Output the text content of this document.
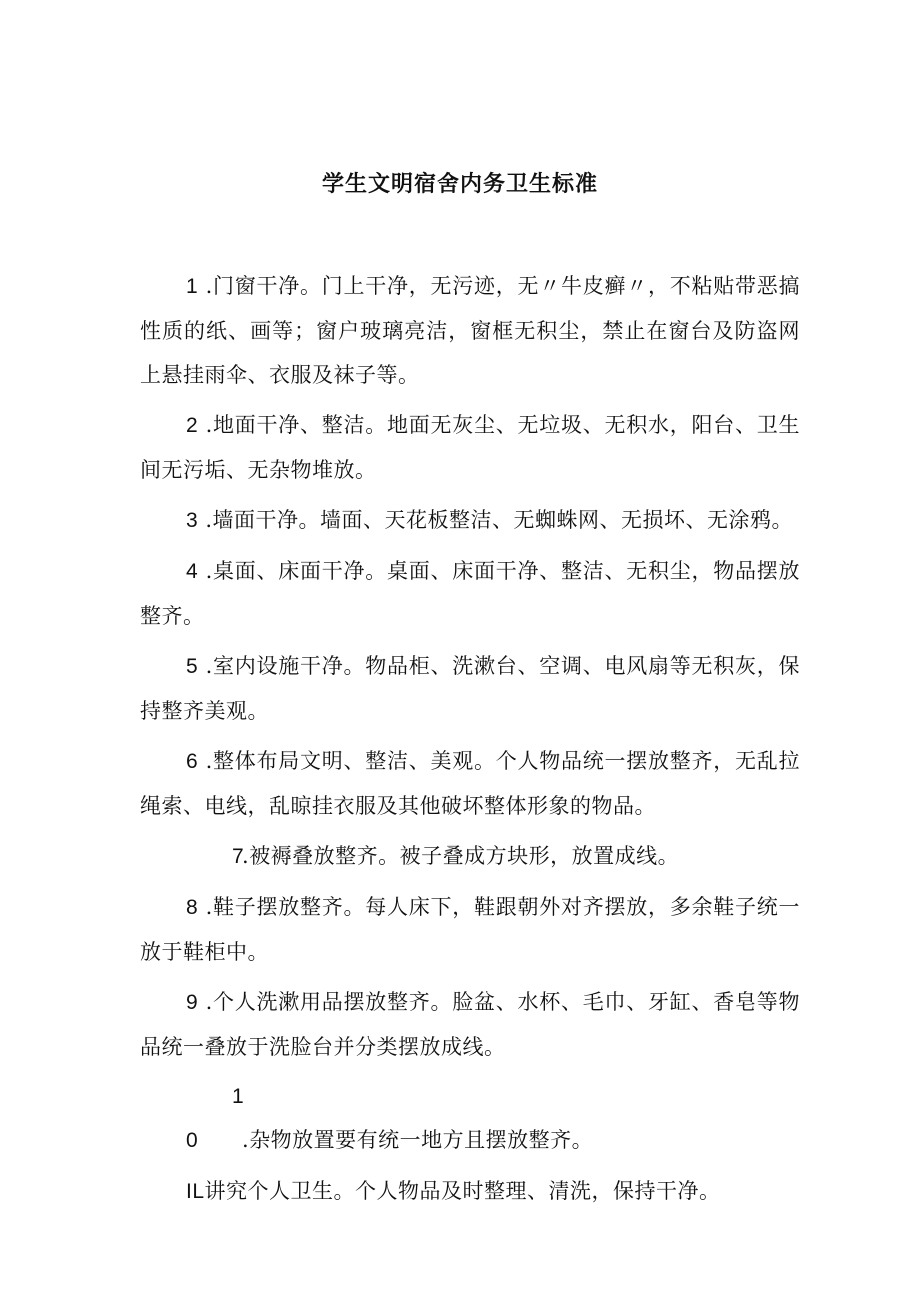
学生文明宿舍内务卫生标准

1 .门窗干净。门上干净，无污迹，无〃牛皮癣〃，不粘贴带恶搞性质的纸、画等；窗户玻璃亮洁，窗框无积尘，禁止在窗台及防盗网上悬挂雨伞、衣服及袜子等。

2 .地面干净、整洁。地面无灰尘、无垃圾、无积水，阳台、卫生间无污垢、无杂物堆放。

3 .墙面干净。墙面、天花板整洁、无蜘蛛网、无损坏、无涂鸦。

4 .桌面、床面干净。桌面、床面干净、整洁、无积尘，物品摆放整齐。

5 .室内设施干净。物品柜、洗漱台、空调、电风扇等无积灰，保持整齐美观。

6 .整体布局文明、整洁、美观。个人物品统一摆放整齐，无乱拉绳索、电线，乱晾挂衣服及其他破坏整体形象的物品。

7.被褥叠放整齐。被子叠成方块形，放置成线。

8 .鞋子摆放整齐。每人床下，鞋跟朝外对齐摆放，多余鞋子统一放于鞋柜中。

9 .个人洗漱用品摆放整齐。脸盆、水杯、毛巾、牙缸、香皂等物品统一叠放于洗脸台并分类摆放成线。

10 .杂物放置要有统一地方且摆放整齐。

IL讲究个人卫生。个人物品及时整理、清洗，保持干净。
